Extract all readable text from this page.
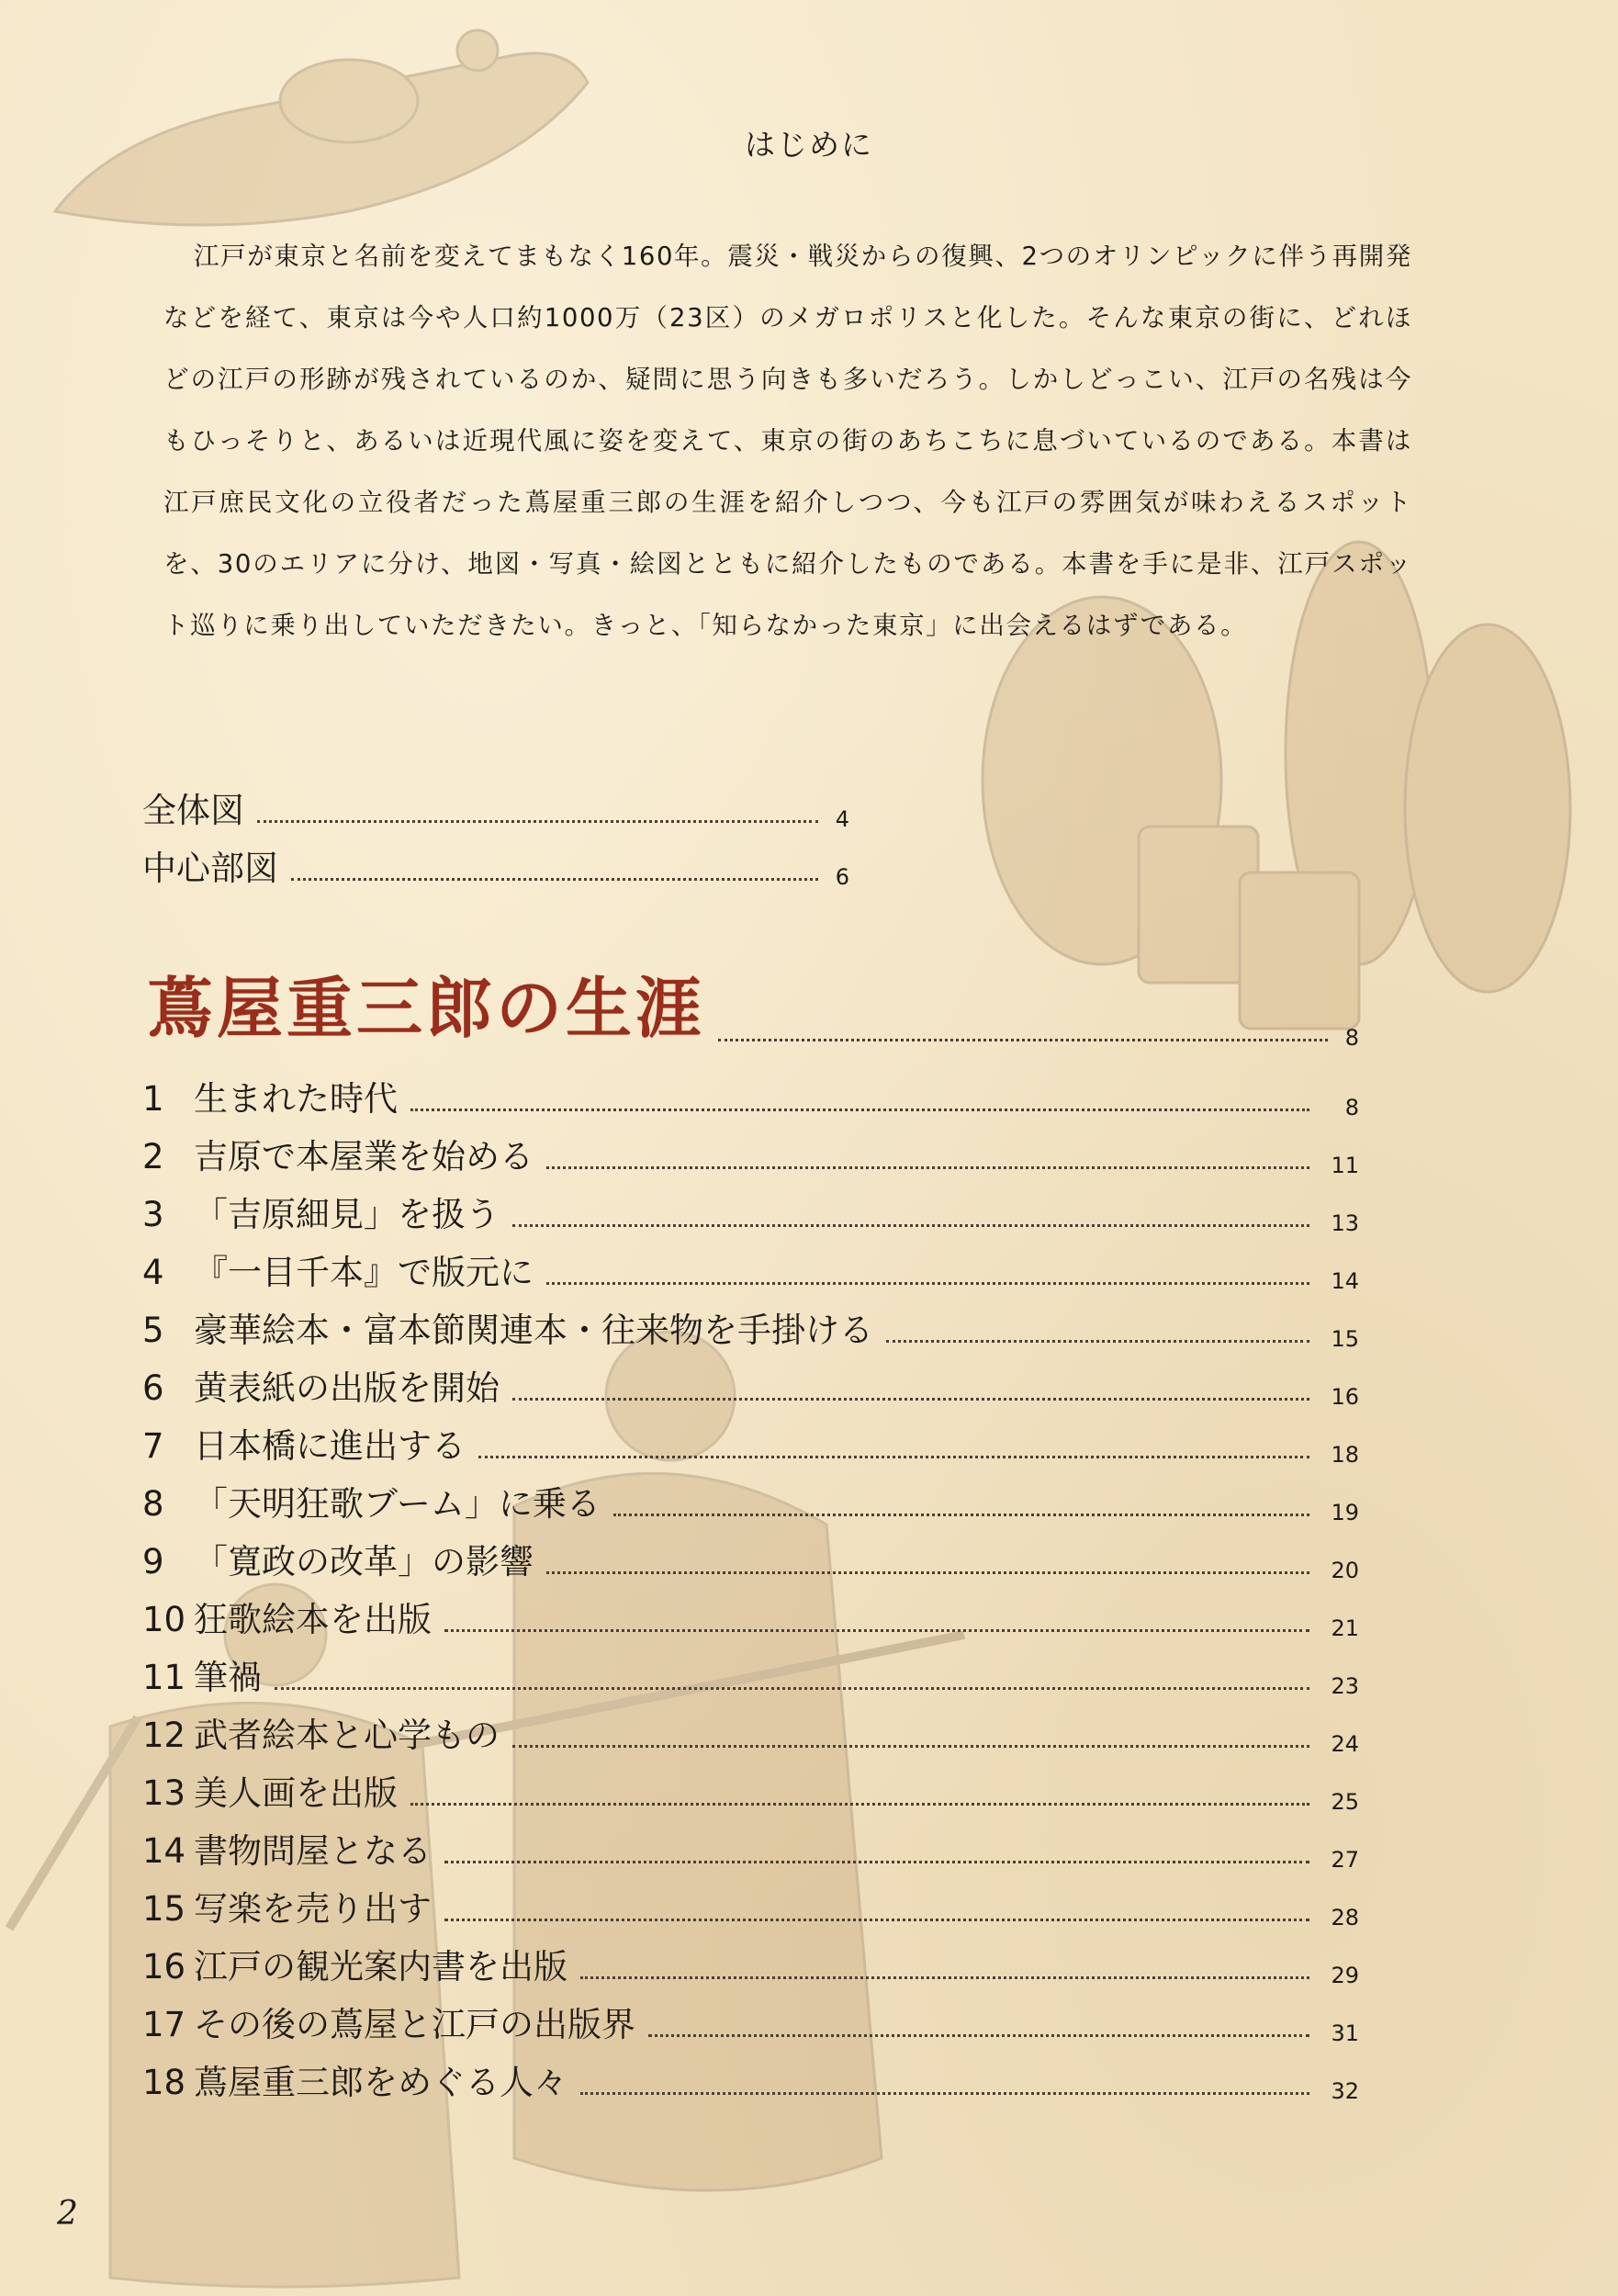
はじめに

江戸が東京と名前を変えてまもなく160年。震災・戦災からの復興、2つのオリンピックに伴う再開発などを経て、東京は今や人口約1000万（23区）のメガロポリスと化した。そんな東京の街に、どれほどの江戸の形跡が残されているのか、疑問に思う向きも多いだろう。しかしどっこい、江戸の名残は今もひっそりと、あるいは近現代風に姿を変えて、東京の街のあちこちに息づいているのである。本書は江戸庶民文化の立役者だった蔦屋重三郎の生涯を紹介しつつ、今も江戸の雰囲気が味わえるスポットを、30のエリアに分け、地図・写真・絵図とともに紹介したものである。本書を手に是非、江戸スポット巡りに乗り出していただきたい。きっと、「知らなかった東京」に出会えるはずである。

全体図	4
中心部図	6
蔦屋重三郎の生涯	8
1 生まれた時代	8
2 吉原で本屋業を始める	11
3 「吉原細見」を扱う	13
4 『一目千本』で版元に	14
5 豪華絵本・富本節関連本・往来物を手掛ける	15
6 黄表紙の出版を開始	16
7 日本橋に進出する	18
8 「天明狂歌ブーム」に乗る	19
9 「寛政の改革」の影響	20
10 狂歌絵本を出版	21
11 筆禍	23
12 武者絵本と心学もの	24
13 美人画を出版	25
14 書物問屋となる	27
15 写楽を売り出す	28
16 江戸の観光案内書を出版	29
17 その後の蔦屋と江戸の出版界	31
18 蔦屋重三郎をめぐる人々	32
2
